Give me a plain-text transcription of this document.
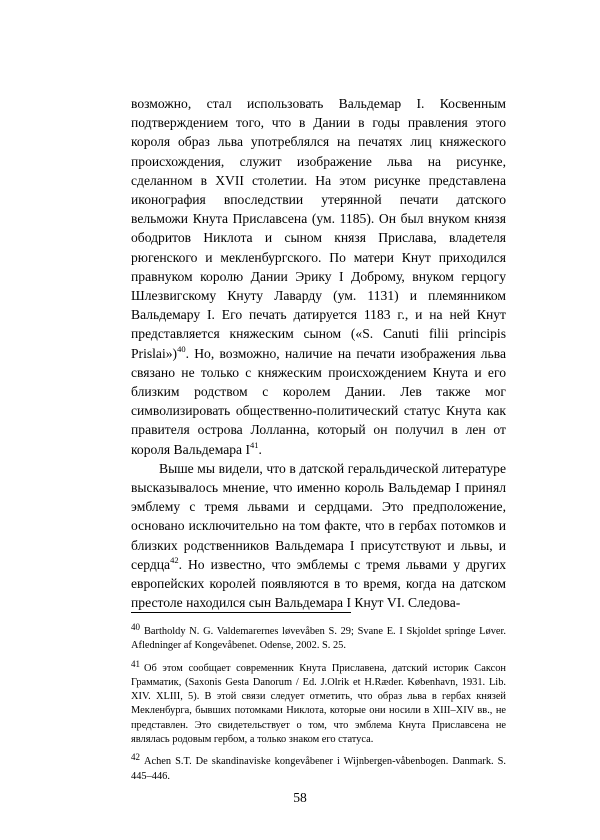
возможно, стал использовать Вальдемар I. Косвенным подтверждением того, что в Дании в годы правления этого короля образ льва употреблялся на печатях лиц княжеского происхождения, служит изображение льва на рисунке, сделанном в XVII столетии. На этом рисунке представлена иконография впоследствии утерянной печати датского вельможи Кнута Приславсена (ум. 1185). Он был внуком князя ободритов Никлота и сыном князя Прислава, владетеля рюгенского и мекленбургского. По матери Кнут приходился правнуком королю Дании Эрику I Доброму, внуком герцогу Шлезвигскому Кнуту Лаварду (ум. 1131) и племянником Вальдемару I. Его печать датируется 1183 г., и на ней Кнут представляется княжеским сыном («S. Canuti filii principis Prislai»)$^{40}$. Но, возможно, наличие на печати изображения льва связано не только с княжеским происхождением Кнута и его близким родством с королем Дании. Лев также мог символизировать общественно-политический статус Кнута как правителя острова Лолланна, который он получил в лен от короля Вальдемара I$^{41}$.

Выше мы видели, что в датской геральдической литературе высказывалось мнение, что именно король Вальдемар I принял эмблему с тремя львами и сердцами. Это предположение, основано исключительно на том факте, что в гербах потомков и близких родственников Вальдемара I присутствуют и львы, и сердца$^{42}$. Но известно, что эмблемы с тремя львами у других европейских королей появляются в то время, когда на датском престоле находился сын Вальдемара I Кнут VI. Следова-

40 Bartholdy N. G. Valdemarernes løvevåben S. 29; Svane E. I Skjoldet springe Løver. Afledninger af Kongevåbenet. Odense, 2002. S. 25.

41 Об этом сообщает современник Кнута Приславена, датский историк Саксон Грамматик, (Saxonis Gesta Danorum / Ed. J.Olrik et H.Ræder. København, 1931. Lib. XIV. XLIII, 5). В этой связи следует отметить, что образ льва в гербах князей Мекленбурга, бывших потомками Никлота, которые они носили в XIII–XIV вв., не представлен. Это свидетельствует о том, что эмблема Кнута Приславсена не являлась родовым гербом, а только знаком его статуса.

42 Achen S.T. De skandinaviske kongevåbener i Wijnbergen-våbenbogen. Danmark. S. 445–446.

58
